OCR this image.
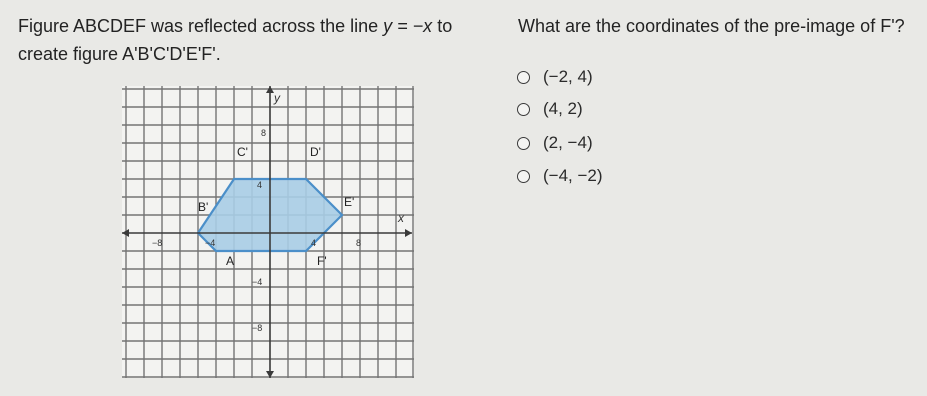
Figure ABCDEF was reflected across the line y = −x to
create figure A'B'C'D'E'F'.
What are the coordinates of the pre-image of F'?
(−2, 4)
(4, 2)
(2, −4)
(−4, −2)
y
x
8
4
−4
−8
−8	−4	4	8
A
B'
C'	D'
E'
F'
